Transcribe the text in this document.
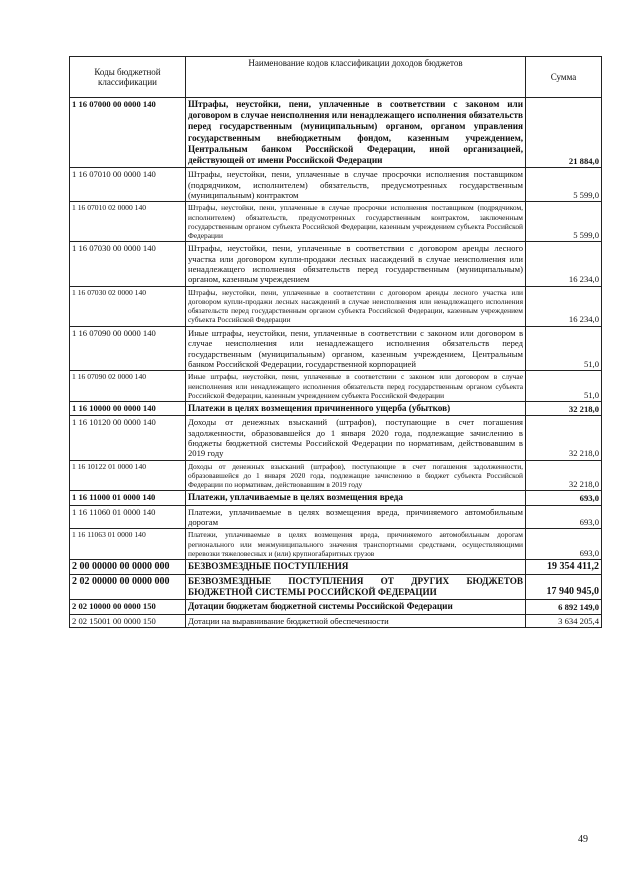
Коды бюджетной классификации	Наименование кодов классификации доходов бюджетов	Сумма
1 16 07000 00 0000 140	Штрафы, неустойки, пени, уплаченные в соответствии с законом или договором в случае неисполнения или ненадлежащего исполнения обязательств перед государственным (муниципальным) органом, органом управления государственным внебюджетным фондом, казенным учреждением, Центральным банком Российской Федерации, иной организацией, действующей от имени Российской Федерации	21 884,0
1 16 07010 00 0000 140	Штрафы, неустойки, пени, уплаченные в случае просрочки исполнения поставщиком (подрядчиком, исполнителем) обязательств, предусмотренных государственным (муниципальным) контрактом	5 599,0
1 16 07010 02 0000 140	Штрафы, неустойки, пени, уплаченные в случае просрочки исполнения поставщиком (подрядчиком, исполнителем) обязательств, предусмотренных государственным контрактом, заключенным государственным органом субъекта Российской Федерации, казенным учреждением субъекта Российской Федерации	5 599,0
1 16 07030 00 0000 140	Штрафы, неустойки, пени, уплаченные в соответствии с договором аренды лесного участка или договором купли-продажи лесных насаждений в случае неисполнения или ненадлежащего исполнения обязательств перед государственным (муниципальным) органом, казенным учреждением	16 234,0
1 16 07030 02 0000 140	Штрафы, неустойки, пени, уплаченные в соответствии с договором аренды лесного участка или договором купли-продажи лесных насаждений в случае неисполнения или ненадлежащего исполнения обязательств перед государственным органом субъекта Российской Федерации, казенным учреждением субъекта Российской Федерации	16 234,0
1 16 07090 00 0000 140	Иные штрафы, неустойки, пени, уплаченные в соответствии с законом или договором в случае неисполнения или ненадлежащего исполнения обязательств перед государственным (муниципальным) органом, казенным учреждением, Центральным банком Российской Федерации, государственной корпорацией	51,0
1 16 07090 02 0000 140	Иные штрафы, неустойки, пени, уплаченные в соответствии с законом или договором в случае неисполнения или ненадлежащего исполнения обязательств перед государственным органом субъекта Российской Федерации, казенным учреждением субъекта Российской Федерации	51,0
1 16 10000 00 0000 140	Платежи в целях возмещения причиненного ущерба (убытков)	32 218,0
1 16 10120 00 0000 140	Доходы от денежных взысканий (штрафов), поступающие в счет погашения задолженности, образовавшейся до 1 января 2020 года, подлежащие зачислению в бюджеты бюджетной системы Российской Федерации по нормативам, действовавшим в 2019 году	32 218,0
1 16 10122 01 0000 140	Доходы от денежных взысканий (штрафов), поступающие в счет погашения задолженности, образовавшейся до 1 января 2020 года, подлежащие зачислению в бюджет субъекта Российской Федерации по нормативам, действовавшим в 2019 году	32 218,0
1 16 11000 01 0000 140	Платежи, уплачиваемые в целях возмещения вреда	693,0
1 16 11060 01 0000 140	Платежи, уплачиваемые в целях возмещения вреда, причиняемого автомобильным дорогам	693,0
1 16 11063 01 0000 140	Платежи, уплачиваемые в целях возмещения вреда, причиняемого автомобильным дорогам регионального или межмуниципального значения транспортными средствами, осуществляющими перевозки тяжеловесных и (или) крупногабаритных грузов	693,0
2 00 00000 00 0000 000	БЕЗВОЗМЕЗДНЫЕ ПОСТУПЛЕНИЯ	19 354 411,2
2 02 00000 00 0000 000	БЕЗВОЗМЕЗДНЫЕ ПОСТУПЛЕНИЯ ОТ ДРУГИХ БЮДЖЕТОВ БЮДЖЕТНОЙ СИСТЕМЫ РОССИЙСКОЙ ФЕДЕРАЦИИ	17 940 945,0
2 02 10000 00 0000 150	Дотации бюджетам бюджетной системы Российской Федерации	6 892 149,0
2 02 15001 00 0000 150	Дотации на выравнивание бюджетной обеспеченности	3 634 205,4
49
